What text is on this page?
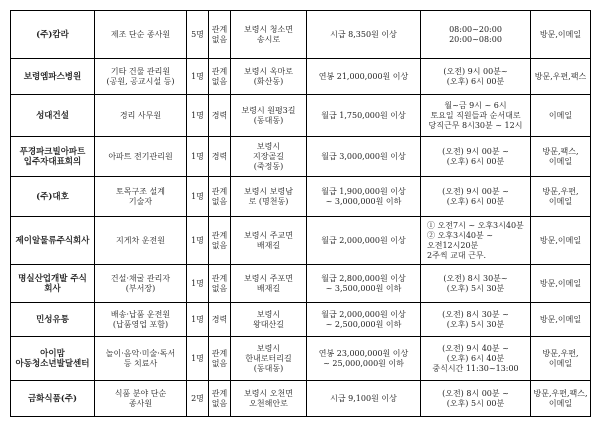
(주)캄라	제조 단순 종사원	5명	관계
없음	보령시 청소면
송시로	시급 8,350원 이상	08:00~20:00
20:00~08:00	방문,이메일
보령엠파스병원	기타 건물 관리원
(공원, 공교시설 등)	1명	관계
없음	보령시 옥마로
(화산동)	연봉 21,000,000원 이상	(오전) 9시 00분~
(오후) 6시 00분	방문,우편,팩스
성대건설	경리 사무원	1명	경력	보령시 원평3길
(동대동)	월급 1,750,000원 이상	월~금 9시 ~ 6시
토요일 직원들과 순서대로
당직근무 8시30분 ~ 12시	이메일
푸경파크빌아파트
입주자대표회의	아파트 전기관리원	1명	경력	보령시
지장골길
(죽정동)	월급 3,000,000원 이상	(오전) 9시 00분 ~
(오후) 6시 00분	방문,팩스,
이메일
(주)대호	토목구조 설계
기술자	1명	관계
없음	보령시 보령남
로 (명천동)	월급 1,900,000원 이상
~ 3,000,000원 이하	(오전) 9시 00분 ~
(오후) 6시 00분	방문,우편,
이메일
제이알물류주식회사	지게차 운전원	1명	관계
없음	보령시 주교면
배재길	월급 2,000,000원 이상	① 오전7시 ~ 오후3시40분
② 오후3시40분 ~
오전12시20분
2주씩 교대 근무.	방문,이메일
명실산업개발 주식
회사	건설·채굴 관리자
(부서장)	1명	관계
없음	보령시 주포면
배재길	월급 2,800,000원 이상
~ 3,500,000원 이하	(오전) 8시 30분~
(오후) 5시 30분	방문,이메일
민성유통	배송·납품 운전원
(납품영업 포함)	1명	경력	보령시
왕대산길	월급 2,000,000원 이상
~ 2,500,000원 이하	(오전) 8시 30분 ~
(오후) 5시 30분	방문,이메일
아이맘
아동청소년발달센터	놀이·음악·미술·독서
등 치료사	1명	관계
없음	보령시
한내로터리길
(동대동)	연봉 23,000,000원 이상
~ 25,000,000원 이하	(오전) 9시 40분 ~
(오후) 6시 40분
중식시간 11:30~13:00	방문,우편,
이메일
금화식품(주)	식품 분야 단순
종사원	2명	관계
없음	보령시 오천면
오천해안로	시급 9,100원 이상	(오전) 8시 00분 ~
(오후) 5시 00분	방문,우편,팩스,
이메일
